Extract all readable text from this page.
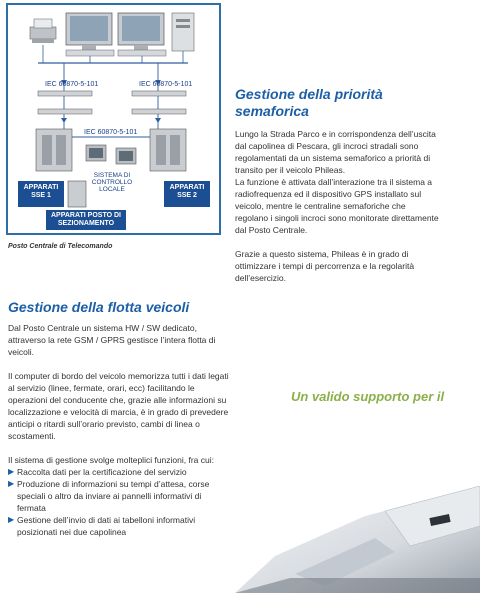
IEC 60870-5-101	IEC 60870-5-101
IEC 60870-5-101
SISTEMA DI CONTROLLO LOCALE
APPARATI SSE 1
APPARATI SSE 2
APPARATI POSTO DI SEZIONAMENTO
Posto Centrale di Telecomando
Gestione della priorità semaforica

Lungo la Strada Parco e in corrispondenza dell’uscita dal capolinea di Pescara, gli incroci stradali sono regolamentati da un sistema semaforico a priorità di transito per il veicolo Phileas.

La funzione è attivata dall’interazione tra il sistema a radiofrequenza ed il dispositivo GPS installato sul veicolo, mentre le centraline semaforiche che regolano i singoli incroci sono monitorate direttamente dal Posto Centrale.

Grazie a questo sistema, Phileas è in grado di ottimizzare i tempi di percorrenza e la regolarità dell’esercizio.

Gestione della flotta veicoli

Dal Posto Centrale un sistema HW / SW dedicato, attraverso la rete GSM / GPRS gestisce l’intera flotta di veicoli.

Il computer di bordo del veicolo memorizza tutti i dati legati al servizio (linee, fermate, orari, ecc) facilitando le operazioni del conducente che, grazie alle informazioni su localizzazione e velocità di marcia, è in grado di prevedere anticipi o ritardi sull’orario previsto, cambi di linea o scostamenti.

Il sistema di gestione svolge molteplici funzioni, fra cui:

▶ Raccolta dati per la certificazione del servizio
▶ Produzione di informazioni su tempi d’attesa, corse speciali o altro da inviare ai pannelli informativi di fermata
▶ Gestione dell’invio di dati ai tabelloni informativi posizionati nei due capolinea
Un valido supporto per il
